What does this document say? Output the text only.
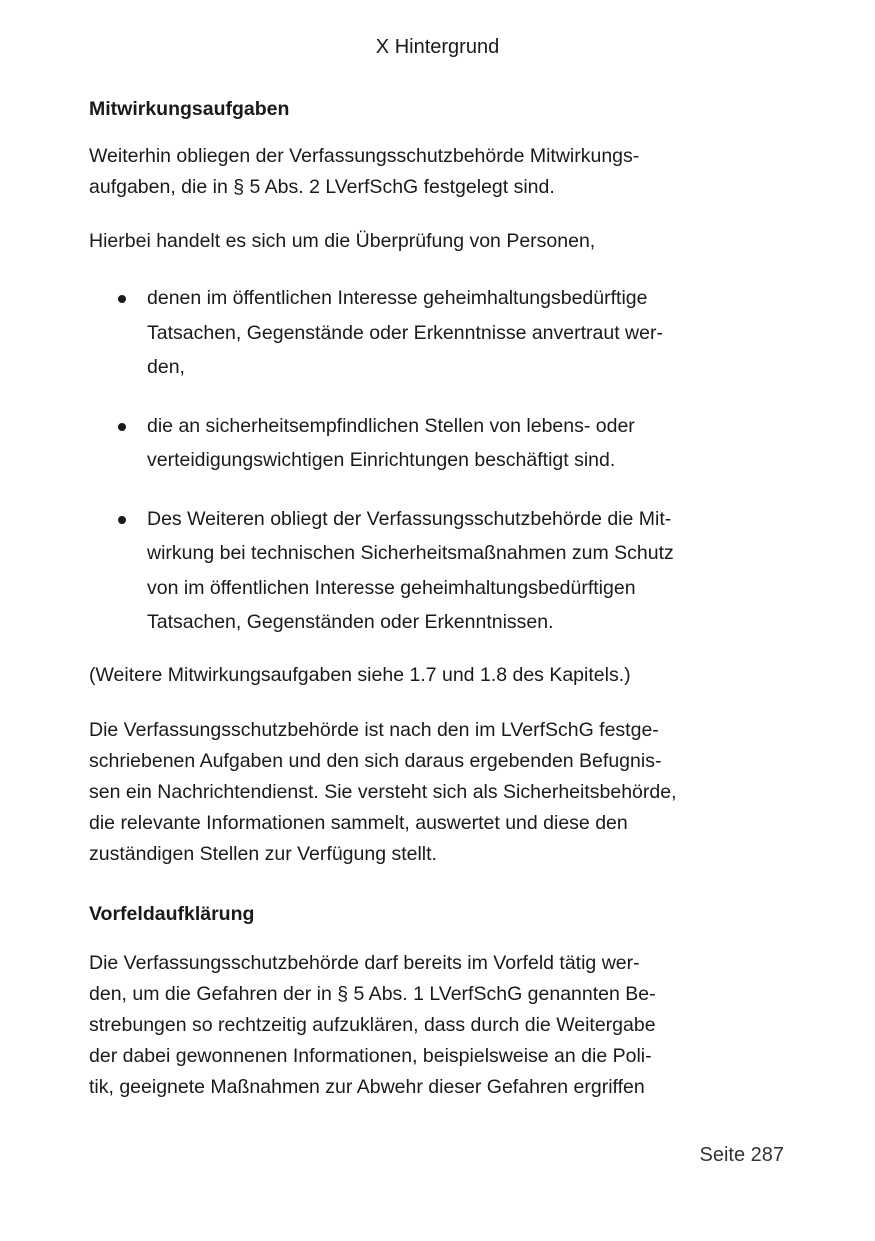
X Hintergrund
Mitwirkungsaufgaben

Weiterhin obliegen der Verfassungsschutzbehörde Mitwirkungs-
aufgaben, die in § 5 Abs. 2 LVerfSchG festgelegt sind.

Hierbei handelt es sich um die Überprüfung von Personen,

denen im öffentlichen Interesse geheimhaltungsbedürftige
Tatsachen, Gegenstände oder Erkenntnisse anvertraut wer-
den,
die an sicherheitsempfindlichen Stellen von lebens- oder
verteidigungswichtigen Einrichtungen beschäftigt sind.
Des Weiteren obliegt der Verfassungsschutzbehörde die Mit-
wirkung bei technischen Sicherheitsmaßnahmen zum Schutz
von im öffentlichen Interesse geheimhaltungsbedürftigen
Tatsachen, Gegenständen oder Erkenntnissen.

(Weitere Mitwirkungsaufgaben siehe 1.7 und 1.8 des Kapitels.)

Die Verfassungsschutzbehörde ist nach den im LVerfSchG festge-
schriebenen Aufgaben und den sich daraus ergebenden Befugnis-
sen ein Nachrichtendienst. Sie versteht sich als Sicherheitsbehörde,
die relevante Informationen sammelt, auswertet und diese den
zuständigen Stellen zur Verfügung stellt.

Vorfeldaufklärung

Die Verfassungsschutzbehörde darf bereits im Vorfeld tätig wer-
den, um die Gefahren der in § 5 Abs. 1 LVerfSchG genannten Be-
strebungen so rechtzeitig aufzuklären, dass durch die Weitergabe
der dabei gewonnenen Informationen, beispielsweise an die Poli-
tik, geeignete Maßnahmen zur Abwehr dieser Gefahren ergriffen

Seite 287
